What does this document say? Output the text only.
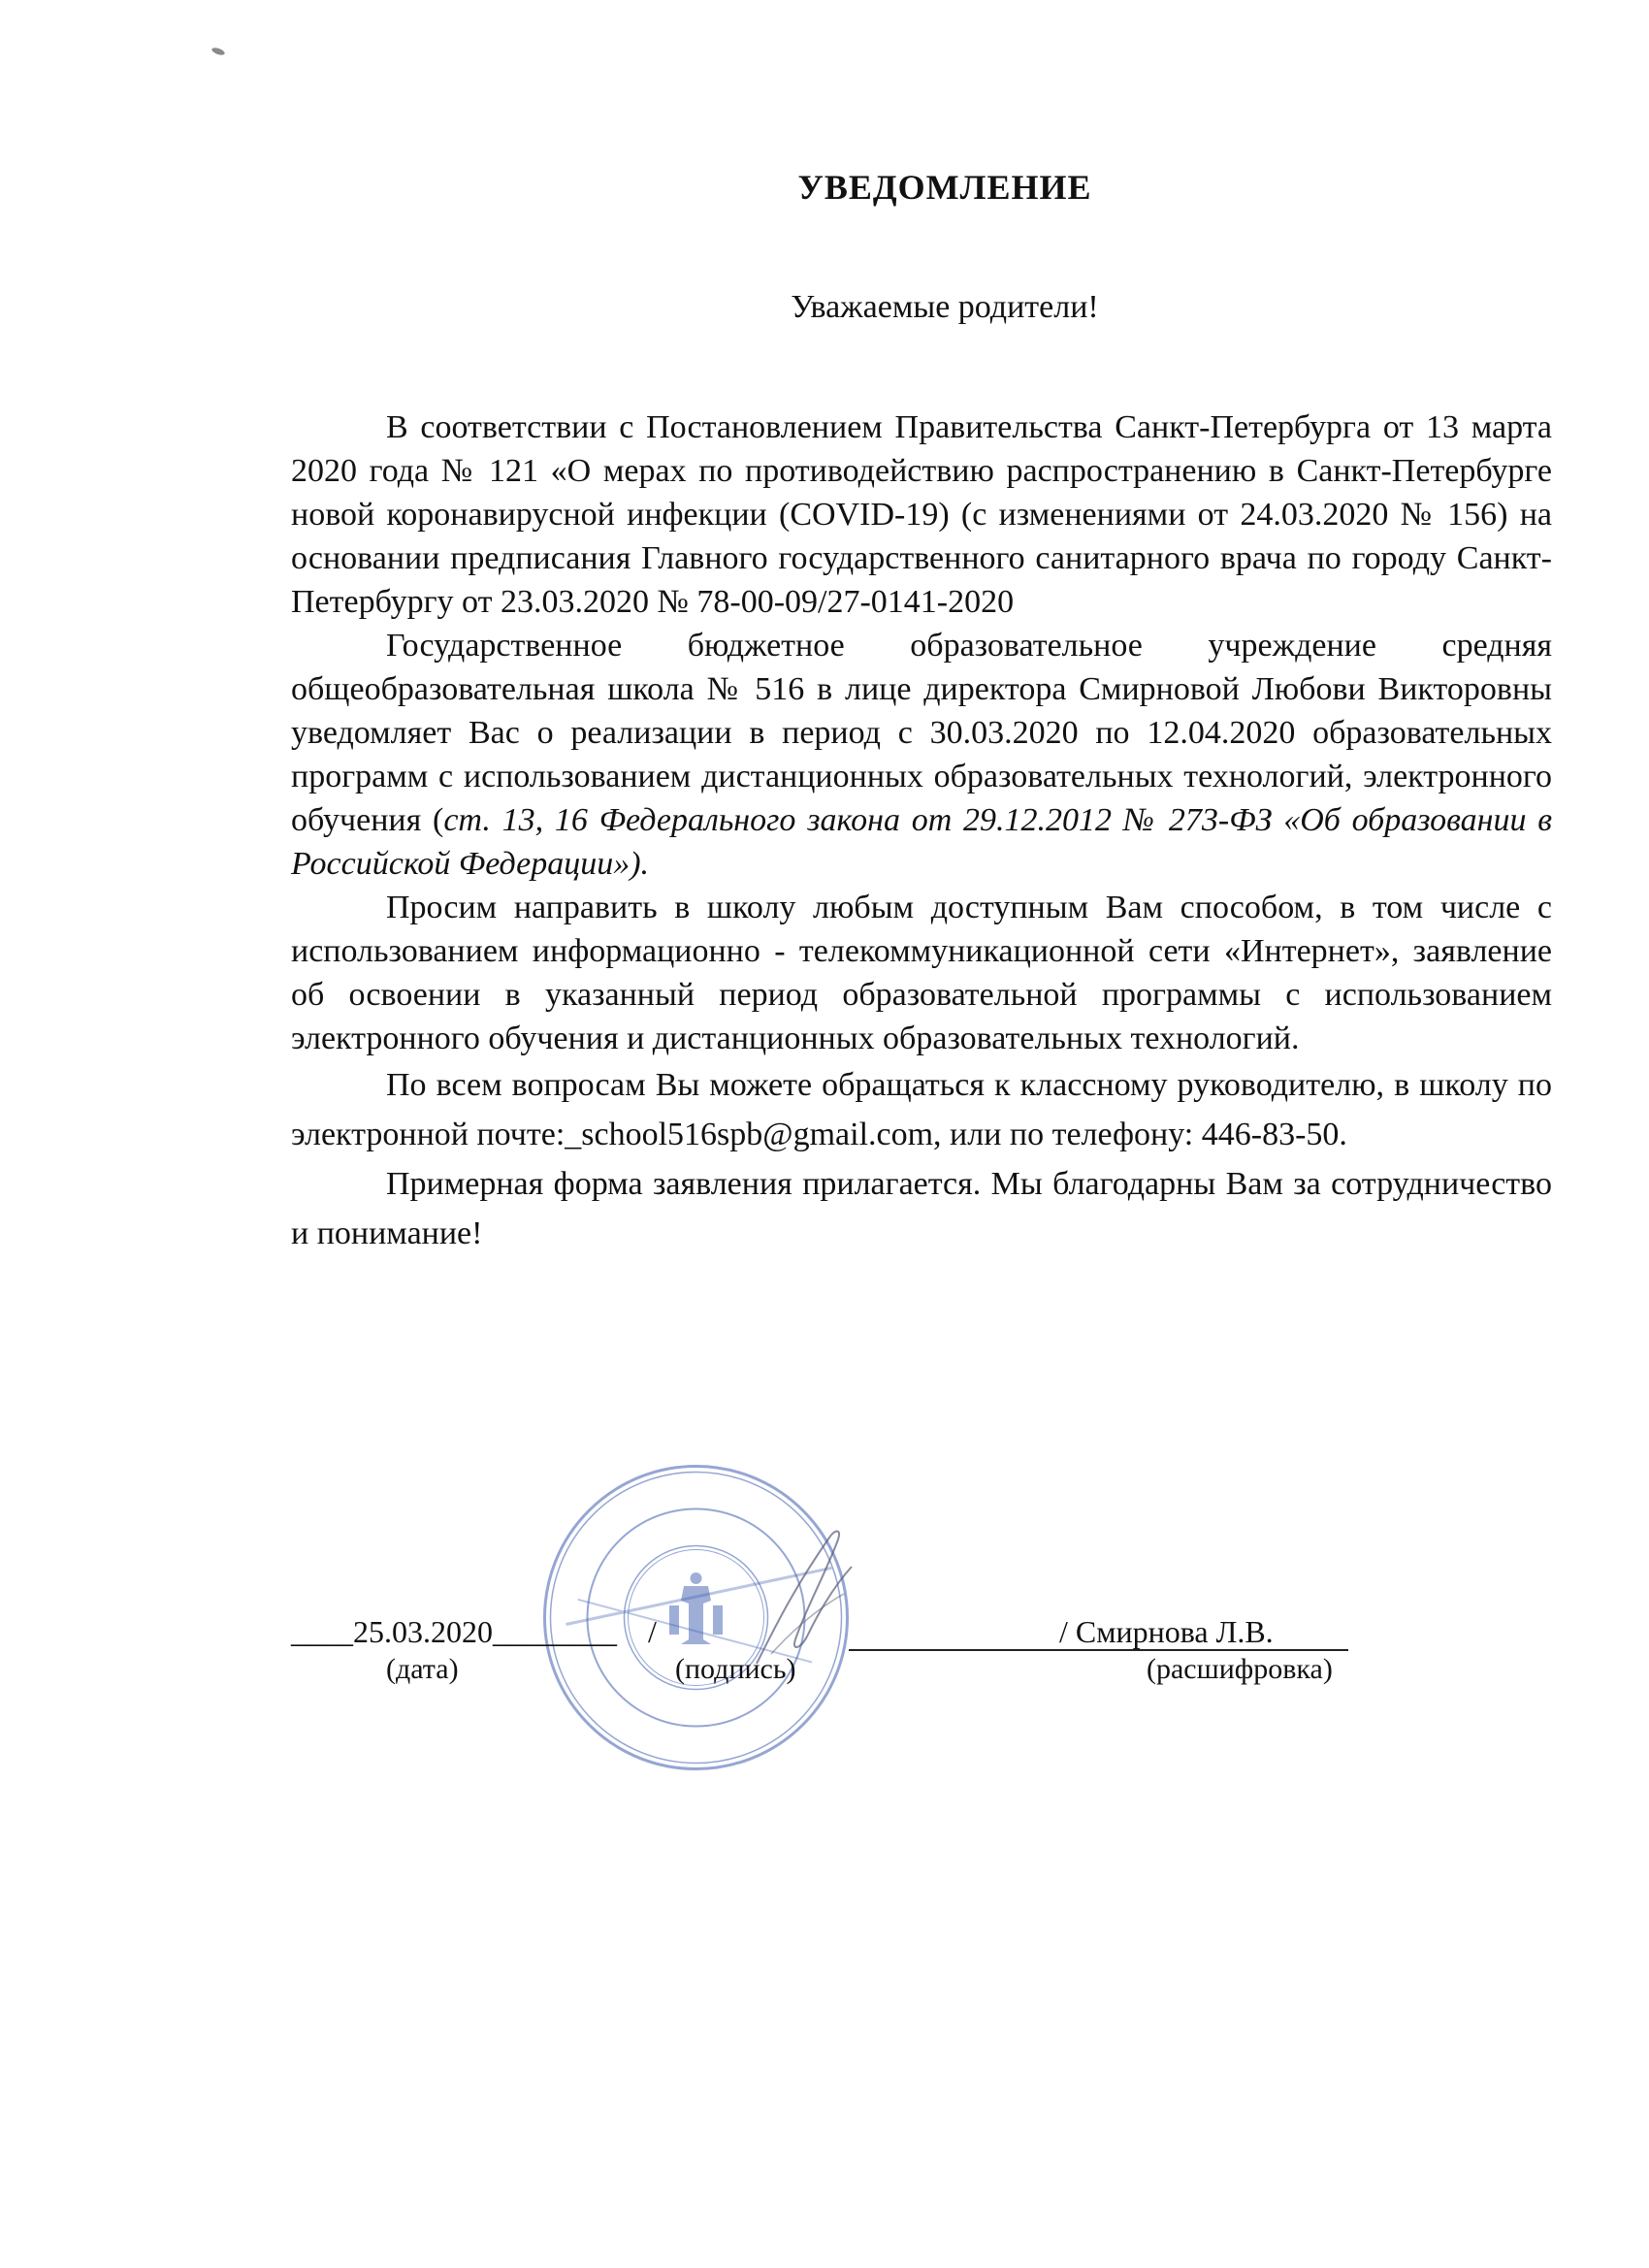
УВЕДОМЛЕНИЕ

Уважаемые родители!

В соответствии с Постановлением Правительства Санкт-Петербурга от 13 марта 2020 года № 121 «О мерах по противодействию распространению в Санкт-Петербурге новой коронавирусной инфекции (COVID-19) (с изменениями от 24.03.2020 № 156) на основании предписания Главного государственного санитарного врача по городу Санкт-Петербургу от 23.03.2020 № 78-00-09/27-0141-2020

Государственное бюджетное образовательное учреждение средняя общеобразовательная школа № 516 в лице директора Смирновой Любови Викторовны уведомляет Вас о реализации в период с 30.03.2020 по 12.04.2020 образовательных программ с использованием дистанционных образовательных технологий, электронного обучения (ст. 13, 16 Федерального закона от 29.12.2012 № 273-ФЗ «Об образовании в Российской Федерации»).

Просим направить в школу любым доступным Вам способом, в том числе с использованием информационно - телекоммуникационной сети «Интернет», заявление об освоении в указанный период образовательной программы с использованием электронного обучения и дистанционных образовательных технологий.

По всем вопросам Вы можете обращаться к классному руководителю, в школу по электронной почте:_school516spb@gmail.com, или по телефону: 446-83-50.

Примерная форма заявления прилагается. Мы благодарны Вам за сотрудничество и понимание!

____25.03.2020________ /	/ Смирнова Л.В.
(дата)	(подпись)	(расшифровка)
